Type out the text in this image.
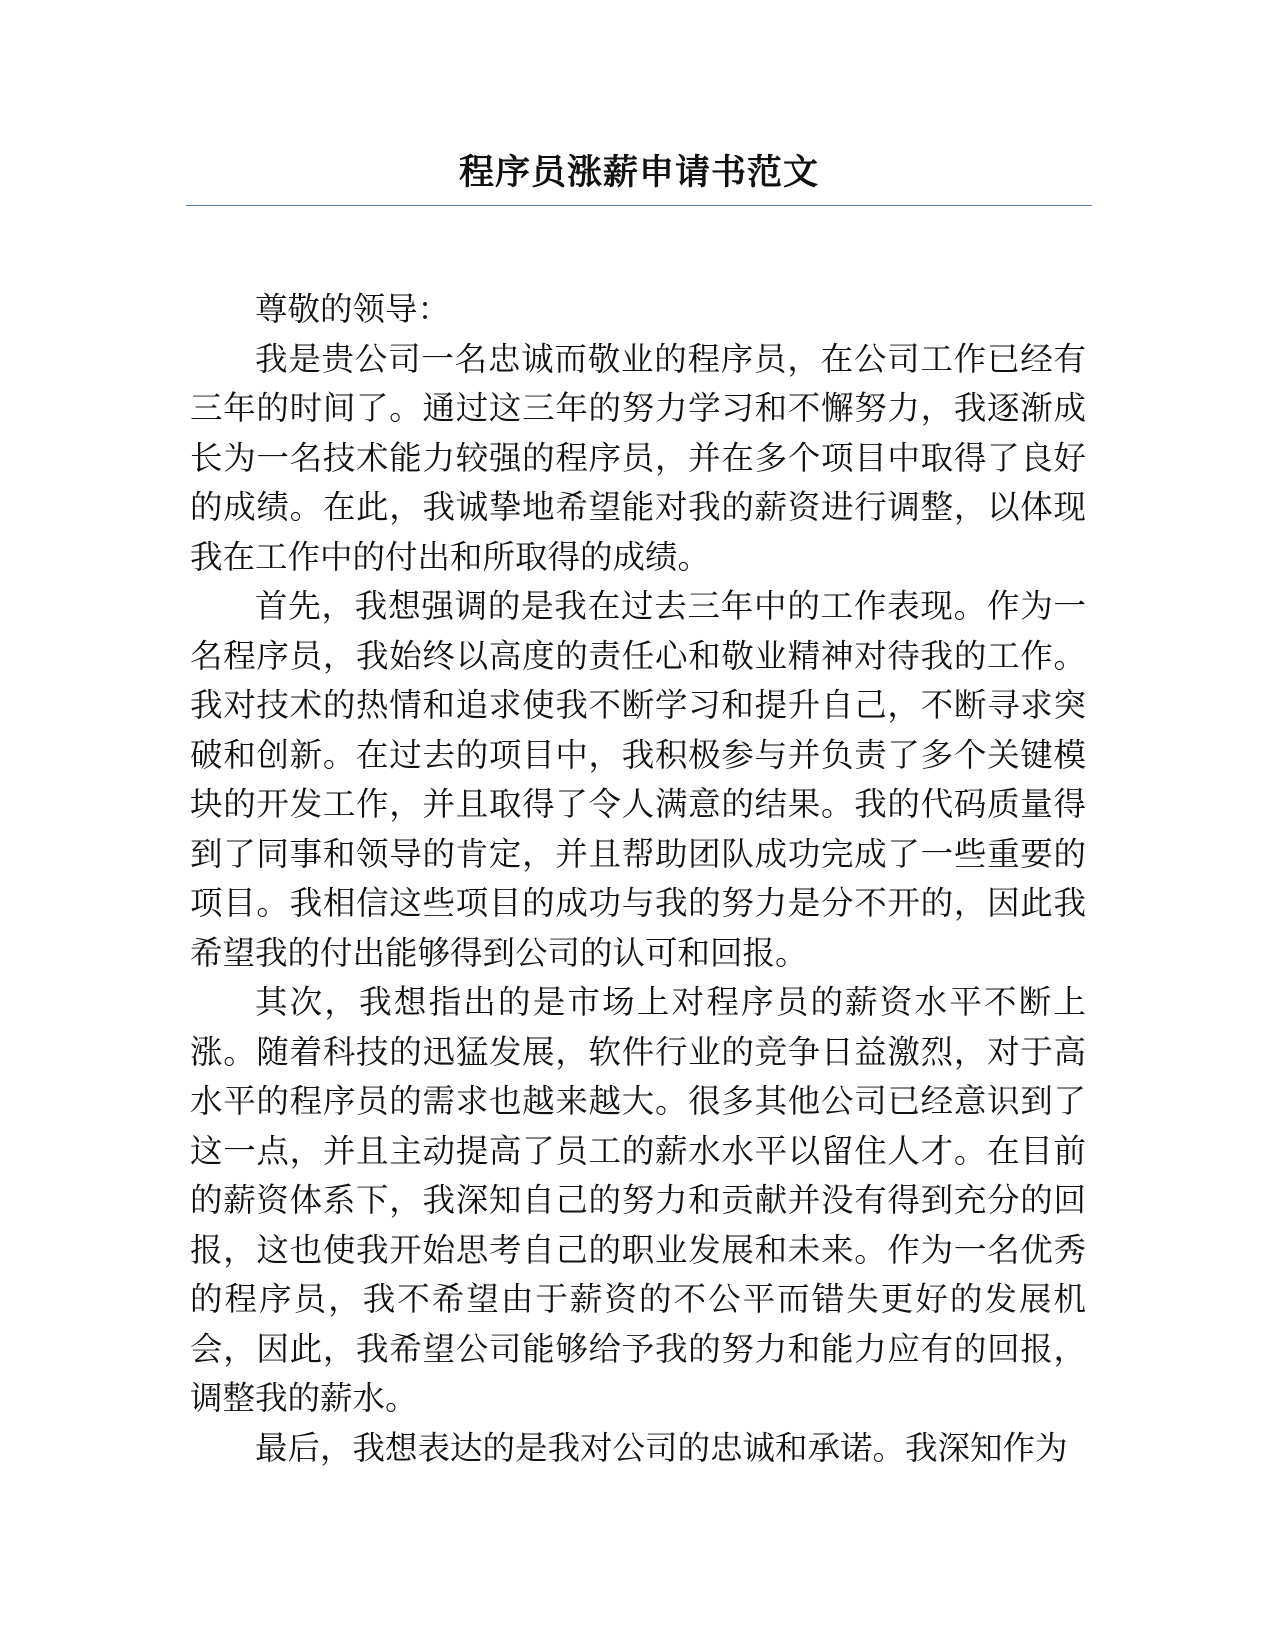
程序员涨薪申请书范文

尊敬的领导：

我是贵公司一名忠诚而敬业的程序员，在公司工作已经有三年的时间了。通过这三年的努力学习和不懈努力，我逐渐成长为一名技术能力较强的程序员，并在多个项目中取得了良好的成绩。在此，我诚挚地希望能对我的薪资进行调整，以体现我在工作中的付出和所取得的成绩。

首先，我想强调的是我在过去三年中的工作表现。作为一名程序员，我始终以高度的责任心和敬业精神对待我的工作。我对技术的热情和追求使我不断学习和提升自己，不断寻求突破和创新。在过去的项目中，我积极参与并负责了多个关键模块的开发工作，并且取得了令人满意的结果。我的代码质量得到了同事和领导的肯定，并且帮助团队成功完成了一些重要的项目。我相信这些项目的成功与我的努力是分不开的，因此我希望我的付出能够得到公司的认可和回报。

其次，我想指出的是市场上对程序员的薪资水平不断上涨。随着科技的迅猛发展，软件行业的竞争日益激烈，对于高水平的程序员的需求也越来越大。很多其他公司已经意识到了这一点，并且主动提高了员工的薪水水平以留住人才。在目前的薪资体系下，我深知自己的努力和贡献并没有得到充分的回报，这也使我开始思考自己的职业发展和未来。作为一名优秀的程序员，我不希望由于薪资的不公平而错失更好的发展机会，因此，我希望公司能够给予我的努力和能力应有的回报，调整我的薪水。

最后，我想表达的是我对公司的忠诚和承诺。我深知作为
